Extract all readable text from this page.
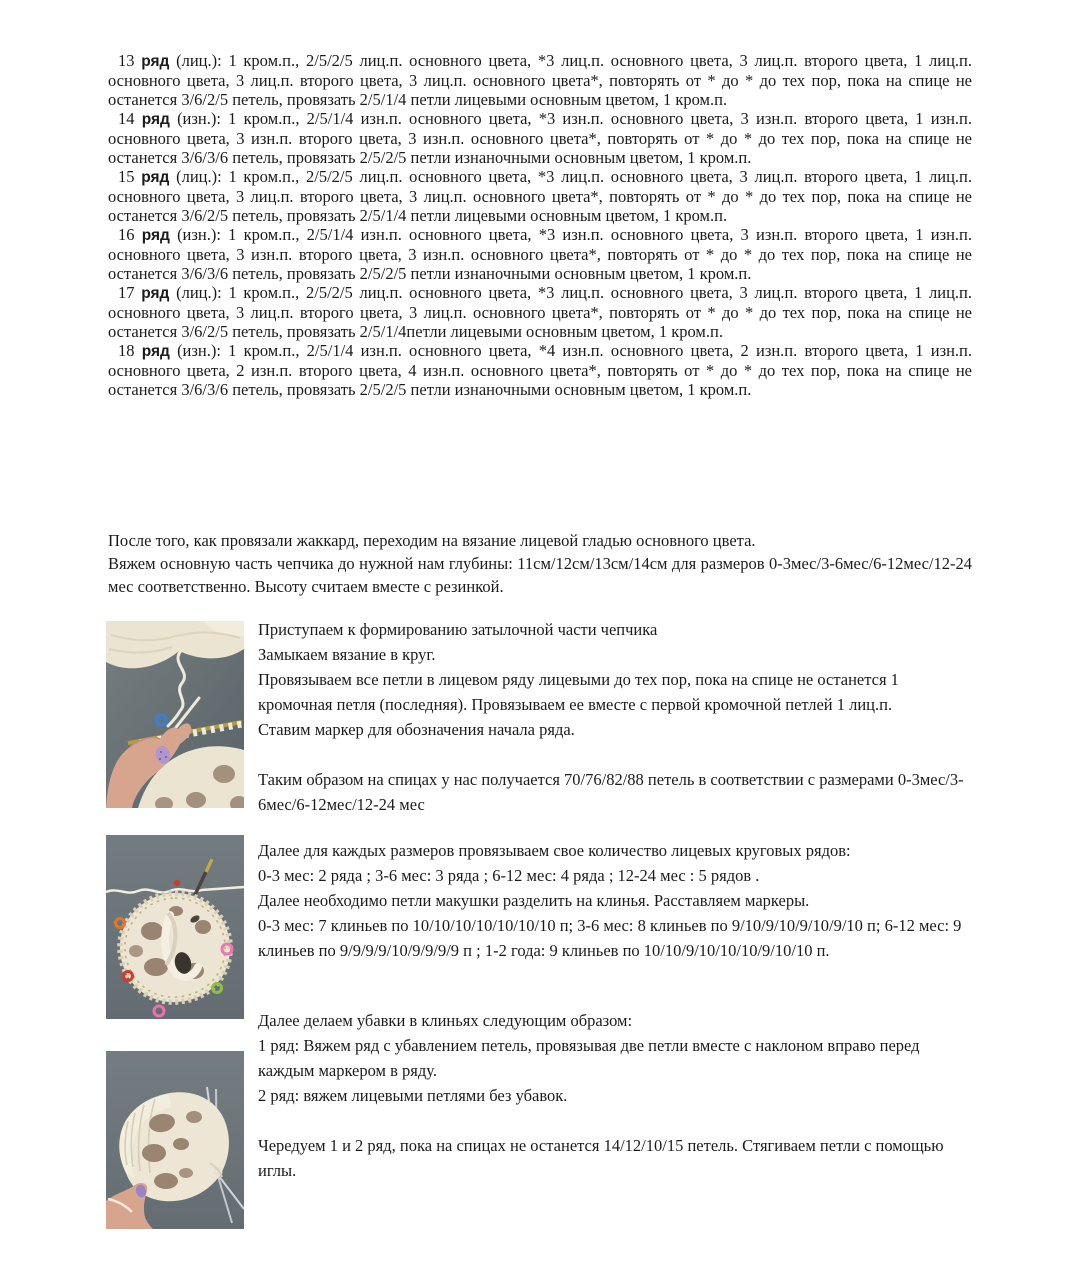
13 ряд (лиц.): 1 кром.п., 2/5/2/5 лиц.п. основного цвета, *3 лиц.п. основного цвета, 3 лиц.п. второго цвета, 1 лиц.п. основного цвета, 3 лиц.п. второго цвета, 3 лиц.п. основного цвета*, повторять от * до * до тех пор, пока на спице не останется 3/6/2/5 петель, провязать 2/5/1/4 петли лицевыми основным цветом, 1 кром.п.

14 ряд (изн.): 1 кром.п., 2/5/1/4 изн.п. основного цвета, *3 изн.п. основного цвета, 3 изн.п. второго цвета, 1 изн.п. основного цвета, 3 изн.п. второго цвета, 3 изн.п. основного цвета*, повторять от * до * до тех пор, пока на спице не останется 3/6/3/6 петель, провязать 2/5/2/5 петли изнаночными основным цветом, 1 кром.п.

15 ряд (лиц.): 1 кром.п., 2/5/2/5 лиц.п. основного цвета, *3 лиц.п. основного цвета, 3 лиц.п. второго цвета, 1 лиц.п. основного цвета, 3 лиц.п. второго цвета, 3 лиц.п. основного цвета*, повторять от * до * до тех пор, пока на спице не останется 3/6/2/5 петель, провязать 2/5/1/4 петли лицевыми основным цветом, 1 кром.п.

16 ряд (изн.): 1 кром.п., 2/5/1/4 изн.п. основного цвета, *3 изн.п. основного цвета, 3 изн.п. второго цвета, 1 изн.п. основного цвета, 3 изн.п. второго цвета, 3 изн.п. основного цвета*, повторять от * до * до тех пор, пока на спице не останется 3/6/3/6 петель, провязать 2/5/2/5 петли изнаночными основным цветом, 1 кром.п.

17 ряд (лиц.): 1 кром.п., 2/5/2/5 лиц.п. основного цвета, *3 лиц.п. основного цвета, 3 лиц.п. второго цвета, 1 лиц.п. основного цвета, 3 лиц.п. второго цвета, 3 лиц.п. основного цвета*, повторять от * до * до тех пор, пока на спице не останется 3/6/2/5 петель, провязать 2/5/1/4петли лицевыми основным цветом, 1 кром.п.

18 ряд (изн.): 1 кром.п., 2/5/1/4 изн.п. основного цвета, *4 изн.п. основного цвета, 2 изн.п. второго цвета, 1 изн.п. основного цвета, 2 изн.п. второго цвета, 4 изн.п. основного цвета*, повторять от * до * до тех пор, пока на спице не останется 3/6/3/6 петель, провязать 2/5/2/5 петли изнаночными основным цветом, 1 кром.п.

После того, как провязали жаккард, переходим на вязание лицевой гладью основного цвета.

Вяжем основную часть чепчика до нужной нам глубины: 11см/12см/13см/14см для размеров 0-3мес/3-6мес/6-12мес/12-24 мес соответственно. Высоту считаем вместе с резинкой.

Приступаем к формированию затылочной части чепчика

Замыкаем вязание в круг.

Провязываем все петли в лицевом ряду лицевыми до тех пор, пока на спице не останется 1 кромочная петля (последняя). Провязываем ее вместе с первой кромочной петлей 1 лиц.п.

Ставим маркер для обозначения начала ряда.

Таким образом на спицах у нас получается 70/76/82/88 петель в соответствии с размерами 0-3мес/3-6мес/6-12мес/12-24 мес

Далее для каждых размеров провязываем свое количество лицевых круговых рядов:

0-3 мес: 2 ряда ; 3-6 мес: 3 ряда ; 6-12 мес: 4 ряда ; 12-24 мес : 5 рядов .

Далее необходимо петли макушки разделить на клинья. Расставляем маркеры.

0-3 мес: 7 клиньев по 10/10/10/10/10/10/10 п; 3-6 мес: 8 клиньев по 9/10/9/10/9/10/9/10 п; 6-12 мес: 9 клиньев по 9/9/9/9/10/9/9/9/9 п ; 1-2 года: 9 клиньев по 10/10/9/10/10/10/9/10/10 п.

Далее делаем убавки в клиньях следующим образом:

1 ряд: Вяжем ряд с убавлением петель, провязывая две петли вместе с наклоном вправо перед каждым маркером в ряду.

2 ряд: вяжем лицевыми петлями без убавок.

Чередуем 1 и 2 ряд, пока на спицах не останется 14/12/10/15 петель. Стягиваем петли с помощью иглы.
